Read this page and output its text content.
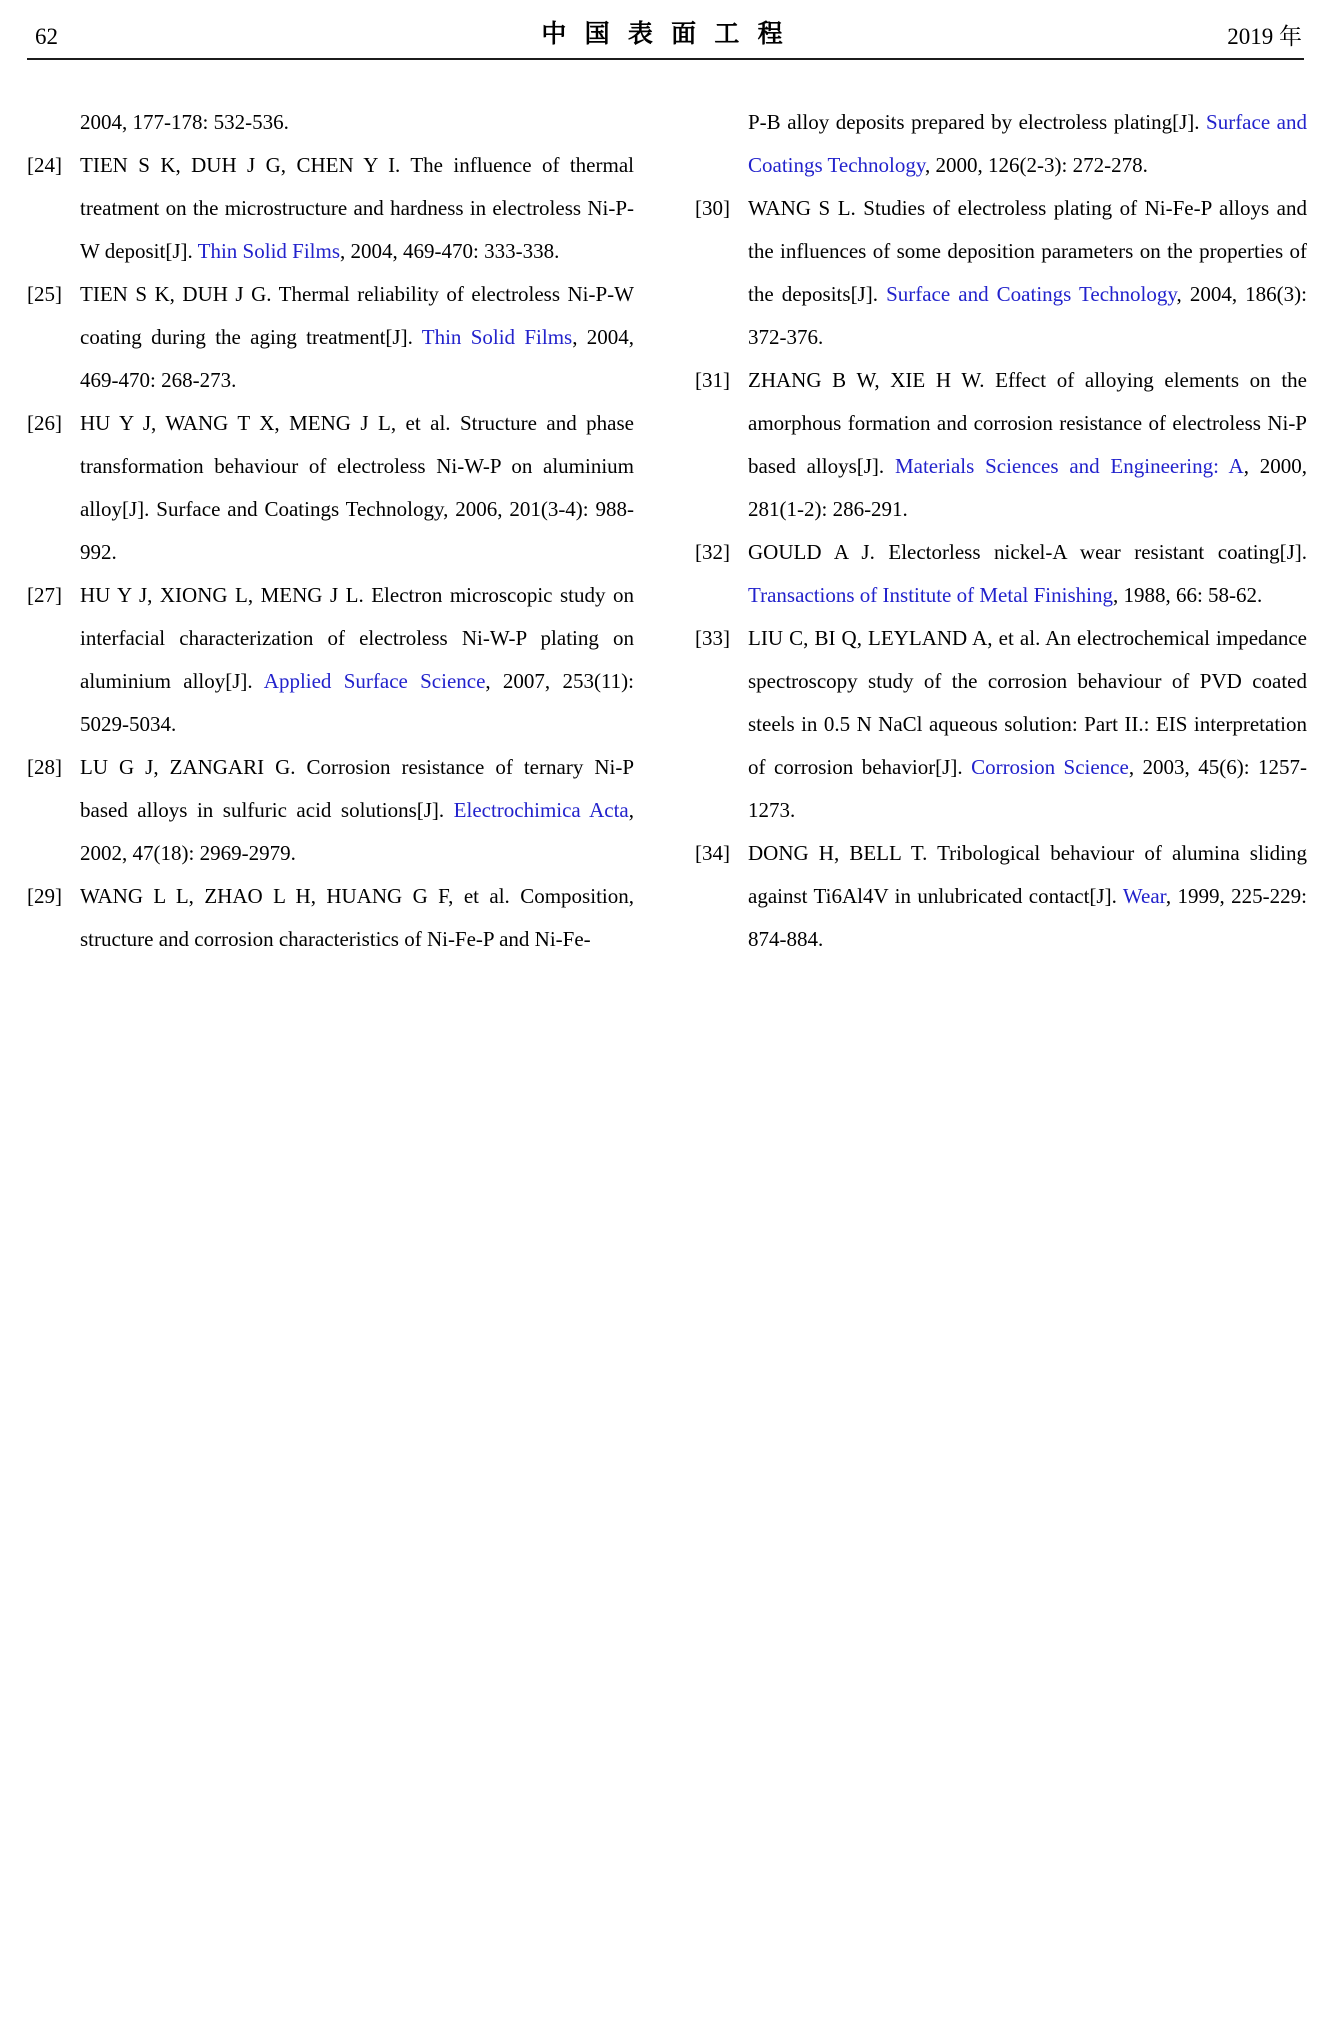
62	中 国 表 面 工 程	2019 年
2004, 177-178: 532-536.
[24] TIEN S K, DUH J G, CHEN Y I. The influence of thermal treatment on the microstructure and hardness in electroless Ni-P-W deposit[J]. Thin Solid Films, 2004, 469-470: 333-338.
[25] TIEN S K, DUH J G. Thermal reliability of electroless Ni-P-W coating during the aging treatment[J]. Thin Solid Films, 2004, 469-470: 268-273.
[26] HU Y J, WANG T X, MENG J L, et al. Structure and phase transformation behaviour of electroless Ni-W-P on aluminium alloy[J]. Surface and Coatings Technology, 2006, 201(3-4): 988-992.
[27] HU Y J, XIONG L, MENG J L. Electron microscopic study on interfacial characterization of electroless Ni-W-P plating on aluminium alloy[J]. Applied Surface Science, 2007, 253(11): 5029-5034.
[28] LU G J, ZANGARI G. Corrosion resistance of ternary Ni-P based alloys in sulfuric acid solutions[J]. Electrochimica Acta, 2002, 47(18): 2969-2979.
[29] WANG L L, ZHAO L H, HUANG G F, et al. Composition, structure and corrosion characteristics of Ni-Fe-P and Ni-Fe-
P-B alloy deposits prepared by electroless plating[J]. Surface and Coatings Technology, 2000, 126(2-3): 272-278.
[30] WANG S L. Studies of electroless plating of Ni-Fe-P alloys and the influences of some deposition parameters on the properties of the deposits[J]. Surface and Coatings Technology, 2004, 186(3): 372-376.
[31] ZHANG B W, XIE H W. Effect of alloying elements on the amorphous formation and corrosion resistance of electroless Ni-P based alloys[J]. Materials Sciences and Engineering: A, 2000, 281(1-2): 286-291.
[32] GOULD A J. Electorless nickel-A wear resistant coating[J]. Transactions of Institute of Metal Finishing, 1988, 66: 58-62.
[33] LIU C, BI Q, LEYLAND A, et al. An electrochemical impedance spectroscopy study of the corrosion behaviour of PVD coated steels in 0.5 N NaCl aqueous solution: Part II.: EIS interpretation of corrosion behavior[J]. Corrosion Science, 2003, 45(6): 1257-1273.
[34] DONG H, BELL T. Tribological behaviour of alumina sliding against Ti6Al4V in unlubricated contact[J]. Wear, 1999, 225-229: 874-884.
